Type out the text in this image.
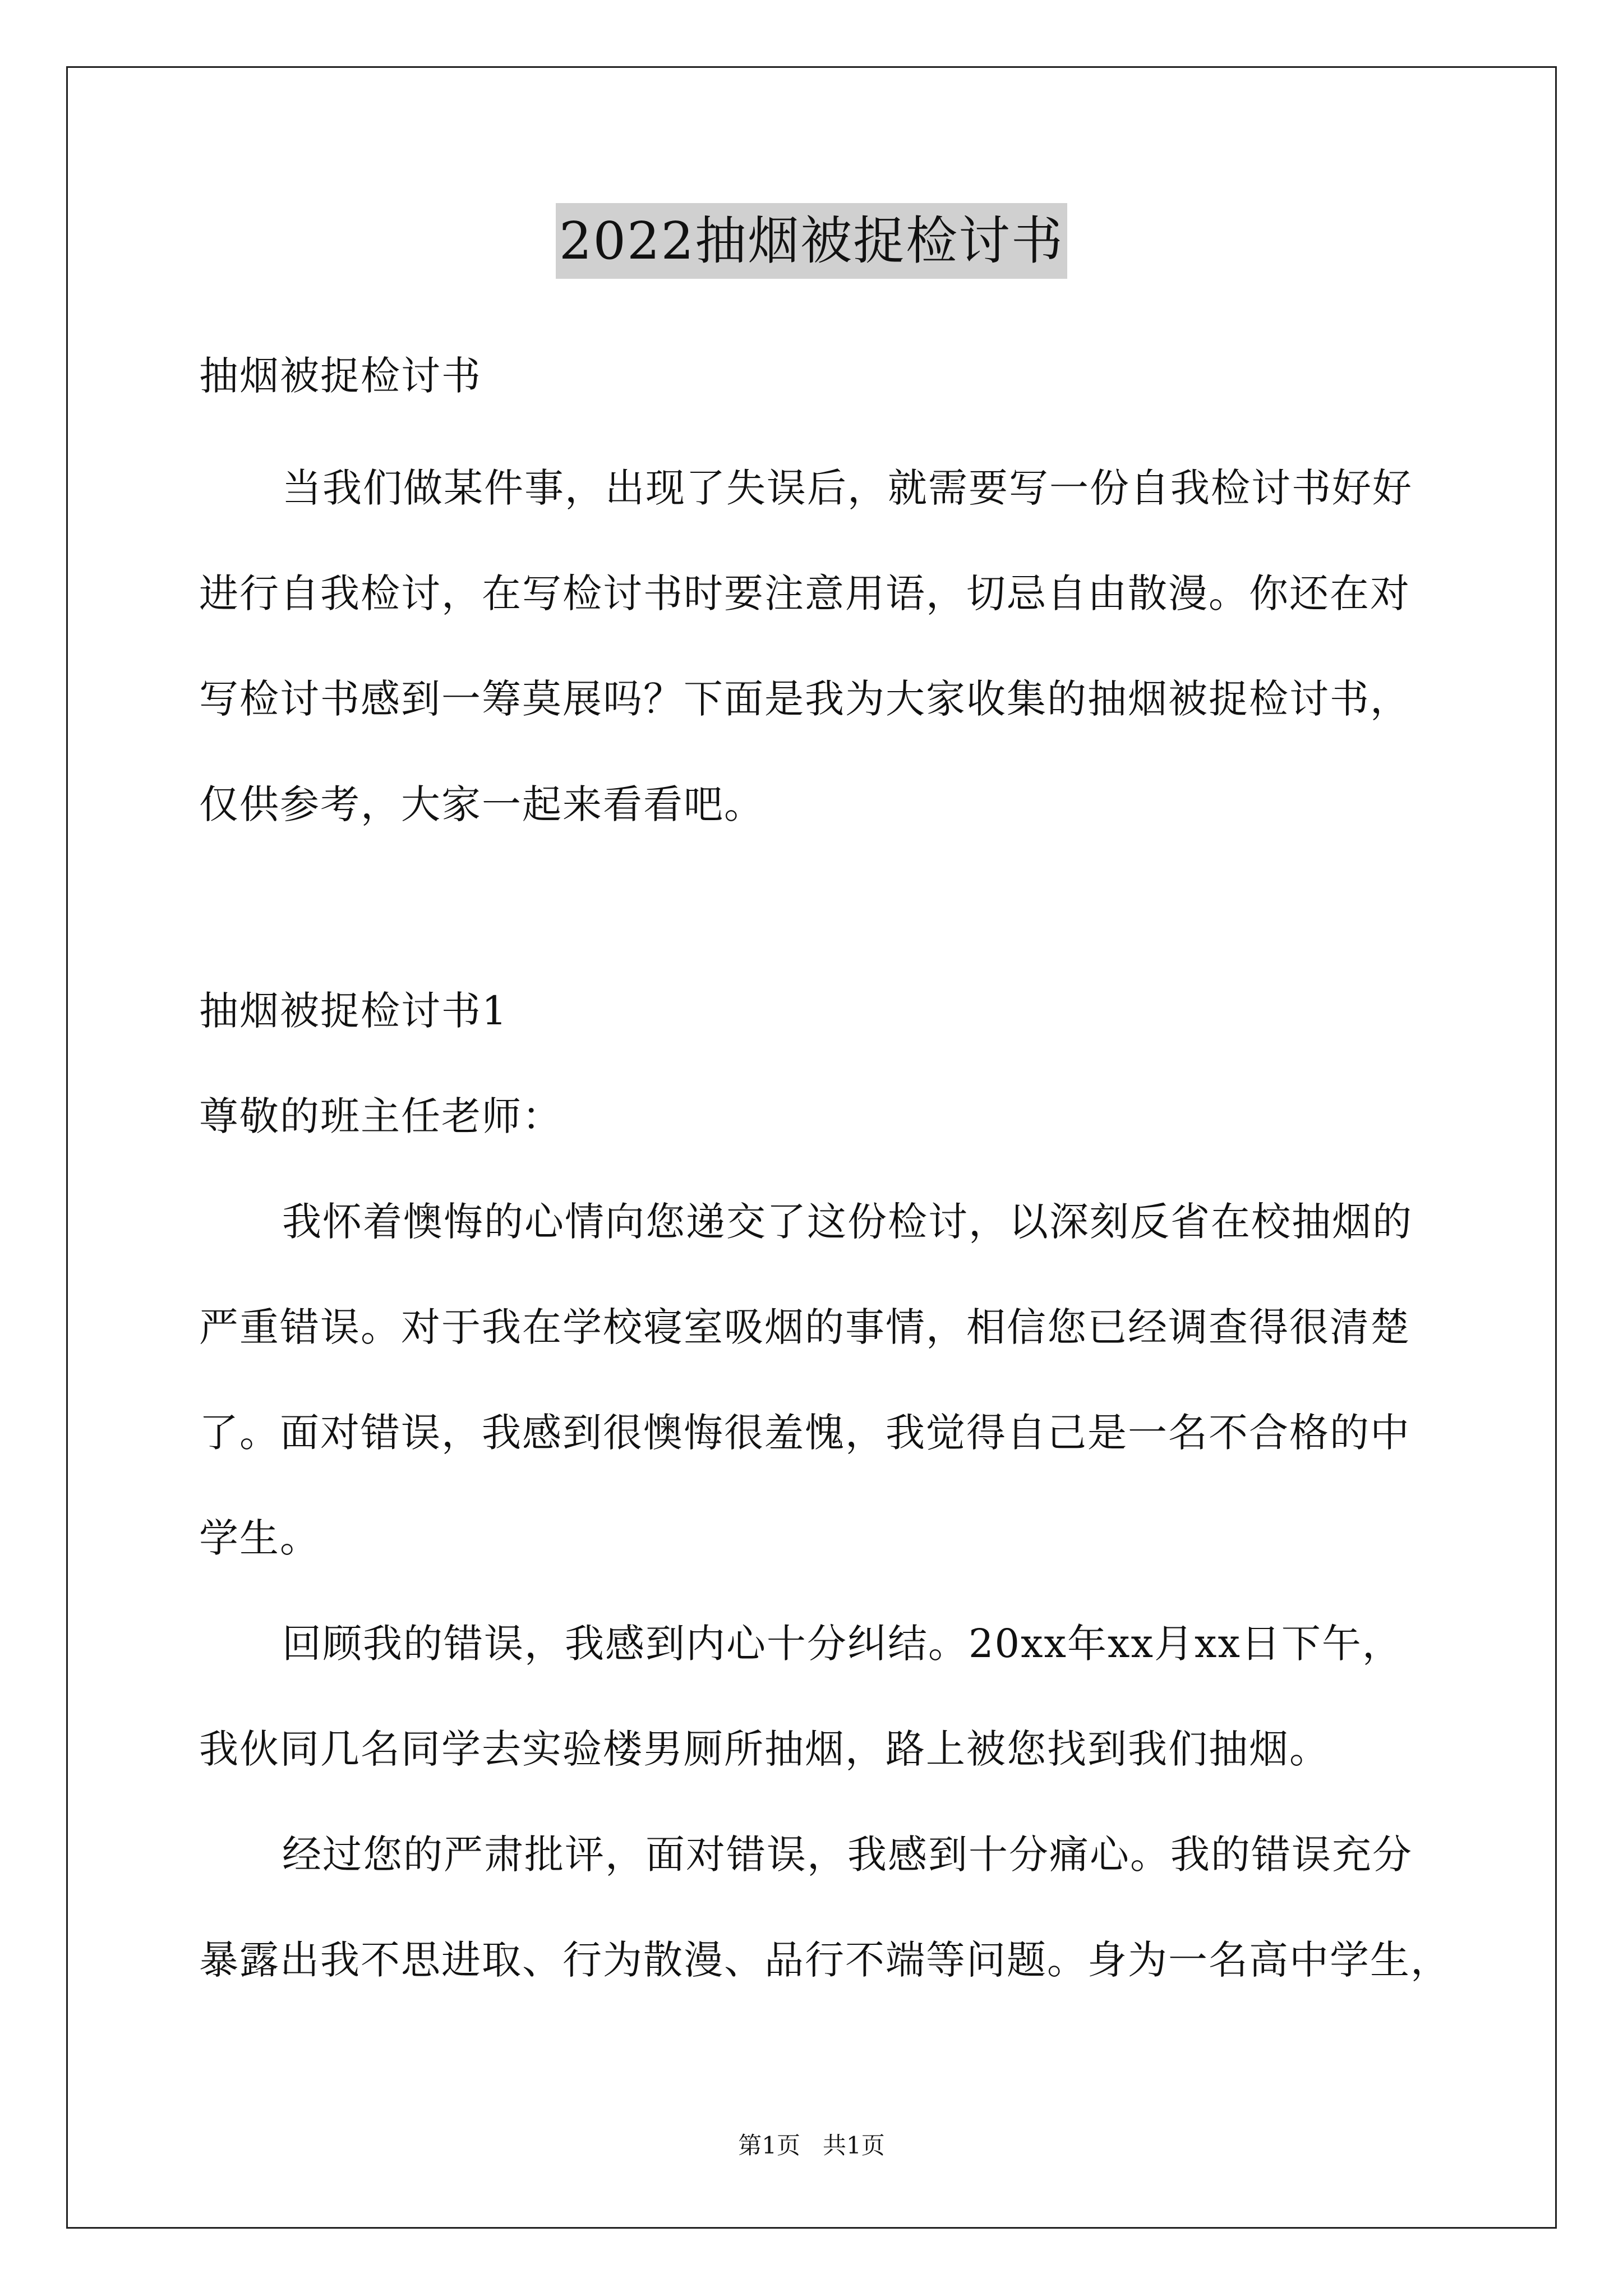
2022抽烟被捉检讨书

抽烟被捉检讨书

当我们做某件事，出现了失误后，就需要写一份自我检讨书好好

进行自我检讨，在写检讨书时要注意用语，切忌自由散漫。你还在对

写检讨书感到一筹莫展吗？下面是我为大家收集的抽烟被捉检讨书，

仅供参考，大家一起来看看吧。

抽烟被捉检讨书1

尊敬的班主任老师：

我怀着懊悔的心情向您递交了这份检讨，以深刻反省在校抽烟的

严重错误。对于我在学校寝室吸烟的事情，相信您已经调查得很清楚

了。面对错误，我感到很懊悔很羞愧，我觉得自己是一名不合格的中

学生。

回顾我的错误，我感到内心十分纠结。20xx年xx月xx日下午，

我伙同几名同学去实验楼男厕所抽烟，路上被您找到我们抽烟。

经过您的严肃批评，面对错误，我感到十分痛心。我的错误充分

暴露出我不思进取、行为散漫、品行不端等问题。身为一名高中学生，

第1页   共1页
